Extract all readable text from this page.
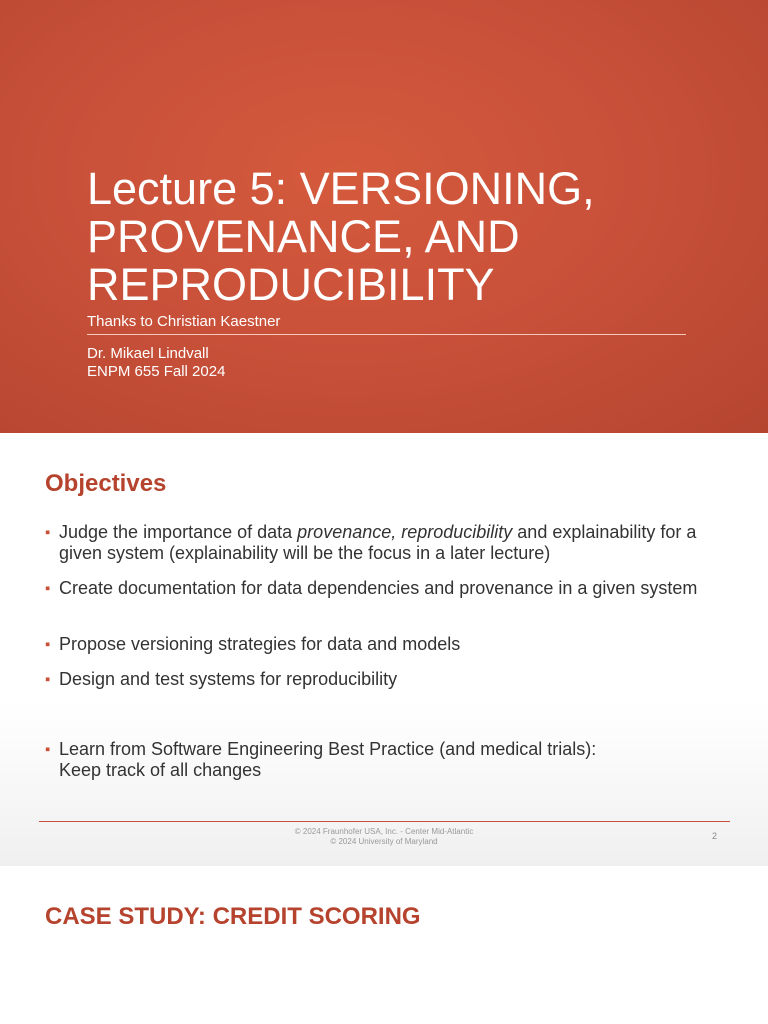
Lecture 5: VERSIONING, PROVENANCE, AND REPRODUCIBILITY
Thanks to Christian Kaestner
Dr. Mikael Lindvall
ENPM 655 Fall 2024
Objectives
▪ Judge the importance of data provenance, reproducibility and explainability for a given system (explainability will be the focus in a later lecture)
▪ Create documentation for data dependencies and provenance in a given system
▪ Propose versioning strategies for data and models
▪ Design and test systems for reproducibility
▪ Learn from Software Engineering Best Practice (and medical trials):
Keep track of all changes
© 2024 Fraunhofer USA, Inc. - Center Mid-Atlantic
© 2024 University of Maryland
2
CASE STUDY: CREDIT SCORING
